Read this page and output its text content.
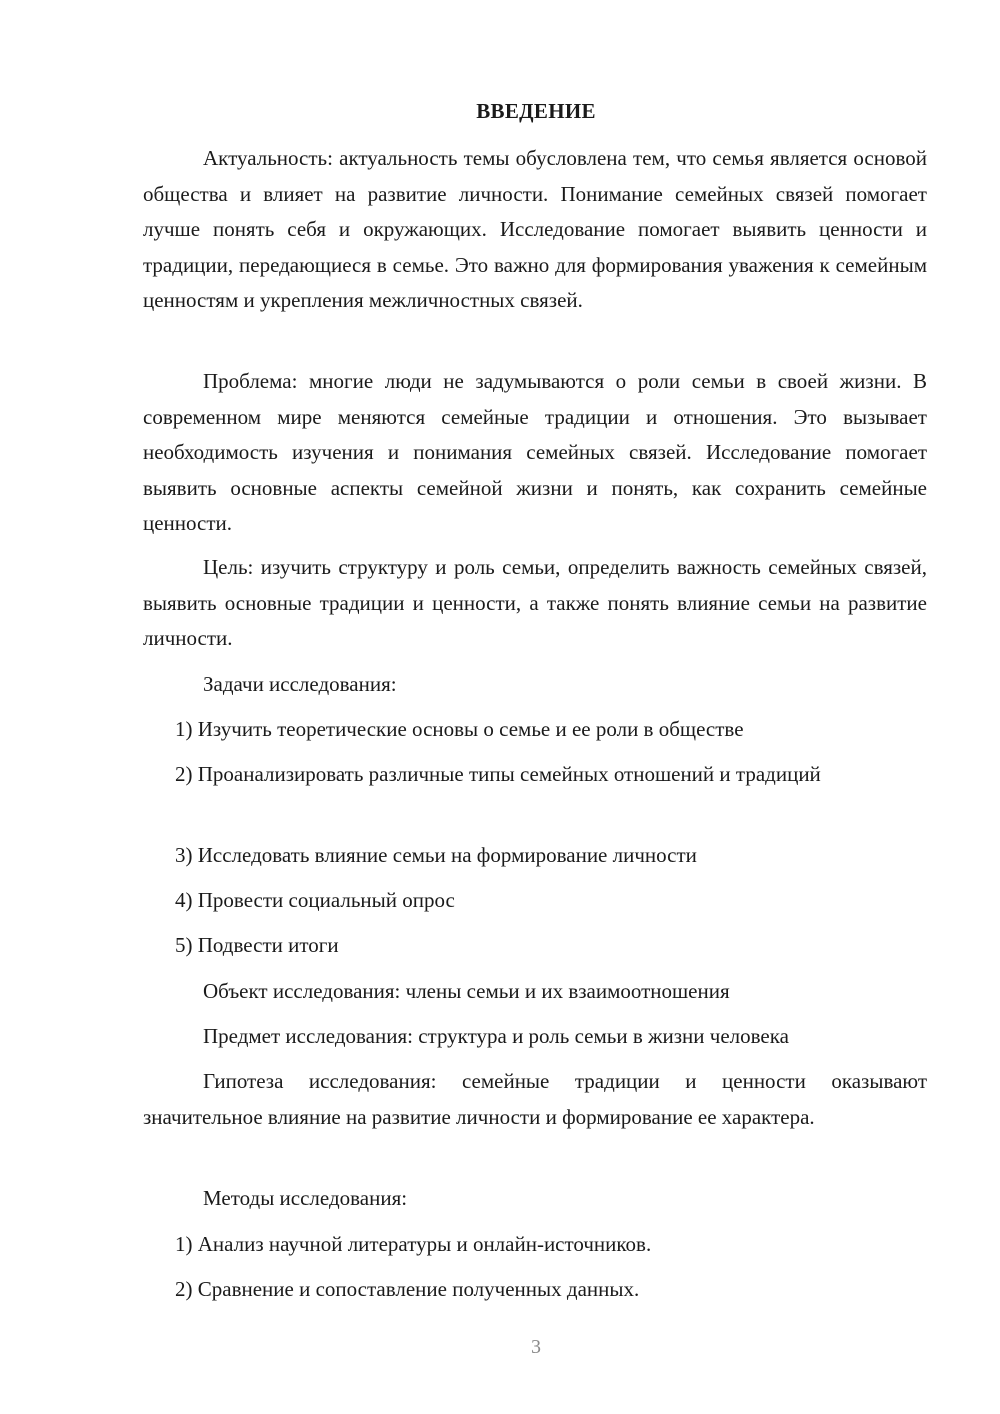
ВВЕДЕНИЕ
Актуальность: актуальность темы обусловлена тем, что семья является основой общества и влияет на развитие личности. Понимание семейных связей помогает лучше понять себя и окружающих. Исследование помогает выявить ценности и традиции, передающиеся в семье. Это важно для формирования уважения к семейным ценностям и укрепления межличностных связей.
Проблема: многие люди не задумываются о роли семьи в своей жизни. В современном мире меняются семейные традиции и отношения. Это вызывает необходимость изучения и понимания семейных связей. Исследование помогает выявить основные аспекты семейной жизни и понять, как сохранить семейные ценности.
Цель: изучить структуру и роль семьи, определить важность семейных связей, выявить основные традиции и ценности, а также понять влияние семьи на развитие личности.
Задачи исследования:
1) Изучить теоретические основы о семье и ее роли в обществе
2) Проанализировать различные типы семейных отношений и традиций
3) Исследовать влияние семьи на формирование личности
4) Провести социальный опрос
5) Подвести итоги
Объект исследования: члены семьи и их взаимоотношения
Предмет исследования: структура и роль семьи в жизни человека
Гипотеза исследования: семейные традиции и ценности оказывают значительное влияние на развитие личности и формирование ее характера.
Методы исследования:
1) Анализ научной литературы и онлайн-источников.
2) Сравнение и сопоставление полученных данных.
3
